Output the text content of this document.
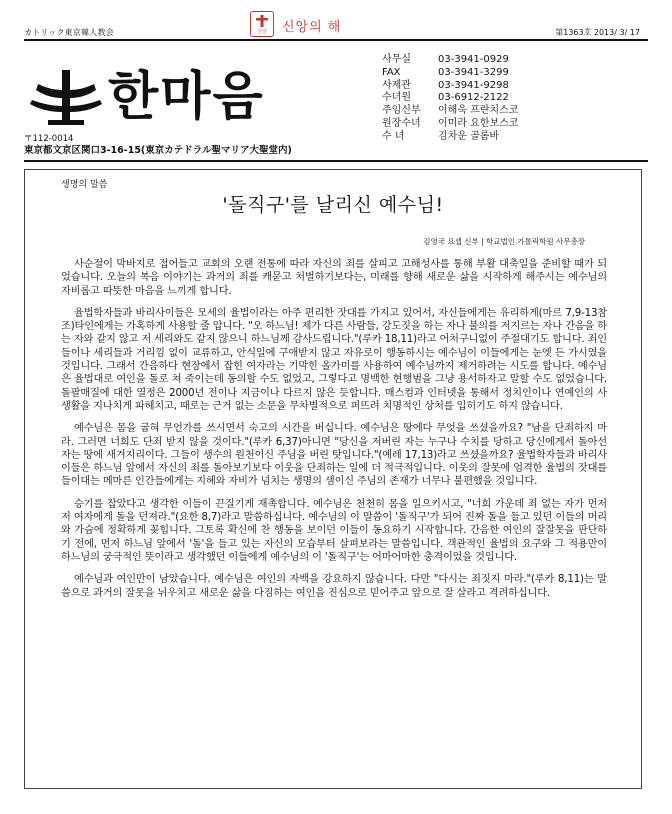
カトリック東京韓人教会	신앙 신앙의 해	第1363호 2013/ 3/ 17
한마음
〒112-0014
東京都文京区関口3-16-15(東京カテドラル聖マリア大聖堂内)
사무실	03-3941-0929
FAX	03-3941-3299
사제관	03-3941-9298
수녀원	03-6912-2122
주임신부 이해욱 프란치스코
원장수녀 이미라 요한보스코
수 녀	김차운 골롬바
생명의 말씀
'돌직구'를 날리신 예수님!
김영국 요셉 신부 | 학교법인 가톨릭학원 사무총장

사순절이 막바지로 접어들고 교회의 오랜 전통에 따라 자신의 죄를 살피고 고해성사를 통해 부활 대축일을 준비할 때가 되었습니다. 오늘의 복음 이야기는 과거의 죄를 캐묻고 처벌하기보다는, 미래를 향해 새로운 삶을 시작하게 해주시는 예수님의 자비롭고 따뜻한 마음을 느끼게 합니다.

율법학자들과 바리사이들은 모세의 율법이라는 아주 편리한 잣대를 가지고 있어서, 자신들에게는 유리하게(마르 7,9-13참조)타인에게는 가혹하게 사용할 줄 압니다. "오 하느님! 제가 다른 사람들, 강도짓을 하는 자나 불의를 저지르는 자나 간음을 하는 자와 같지 않고 저 세리와도 같지 않으니 하느님께 감사드립니다."(루카 18,11)라고 어처구니없이 주절대기도 합니다. 죄인들이나 세리들과 거리낌 없이 교류하고, 안식일에 구애받지 않고 자유로이 행동하시는 예수님이 이들에게는 눈엣 든 가시였을 것입니다. 그래서 간음하다 현장에서 잡힌 여자라는 기막힌 올가미를 사용하여 예수님까지 제거하려는 시도를 합니다. 예수님은 율법대로 여인을 돌로 쳐 죽이는데 동의할 수도 없었고, 그렇다고 명백한 현행범을 그냥 용서하자고 말할 수도 없었습니다. 돌팔매질에 대한 열정은 2000년 전이나 지금이나 다르지 않은 듯합니다. 매스컴과 인터넷을 통해서 정치인이나 연예인의 사생활을 지나치게 파헤치고, 때로는 근거 없는 소문을 무차별적으로 퍼뜨려 치명적인 상처를 입히기도 하지 않습니다.

예수님은 몸을 굽혀 무언가를 쓰시면서 숙고의 시간을 버십니다. 예수님은 땅에다 무엇을 쓰셨을까요? "남을 단죄하지 마라. 그러면 너희도 단죄 받지 않을 것이다."(루카 6,37)아니면 "당신을 저버린 자는 누구나 수치를 당하고 당신에게서 돌아선 자는 땅에 새겨지리이다. 그들이 생수의 원천이신 주님을 버린 탓입니다."(예레 17,13)라고 쓰셨을까요? 율법학자들과 바리사이들은 하느님 앞에서 자신의 죄를 돌아보기보다 이웃을 단죄하는 일에 더 적극적입니다. 이웃의 잘못에 엄격한 율법의 잣대를 들이대는 메마른 인간들에게는 지혜와 자비가 넘치는 생명의 샘이신 주님의 존재가 너무나 불편했을 것입니다.

승기를 잡았다고 생각한 이들이 끈질기게 재촉합니다. 예수님은 천천히 몸을 일으키시고, "너희 가운데 죄 없는 자가 먼저 저 여자에게 돌을 던져라."(요한 8,7)라고 말씀하십니다. 예수님의 이 말씀이 '돌직구'가 되어 진짜 돌을 들고 있던 이들의 머리와 가슴에 정확하게 꽂힙니다. 그토록 확신에 찬 행동을 보이던 이들이 동요하기 시작합니다. 간음한 여인의 잘잘못을 판단하기 전에, 먼저 하느님 앞에서 '돌'을 들고 있는 자신의 모습부터 살펴보라는 말씀입니다. 객관적인 율법의 요구와 그 적용만이 하느님의 궁극적인 뜻이라고 생각했던 이들에게 예수님의 이 '돌직구'는 어마어마한 충격이었을 것입니다.

예수님과 여인만이 남았습니다. 예수님은 여인의 자백을 강요하지 않습니다. 다만 "다시는 죄짓지 마라."(루카 8,11)는 말씀으로 과거의 잘못을 뉘우치고 새로운 삶을 다짐하는 여인을 진심으로 믿어주고 앞으로 잘 살라고 격려하십니다.
